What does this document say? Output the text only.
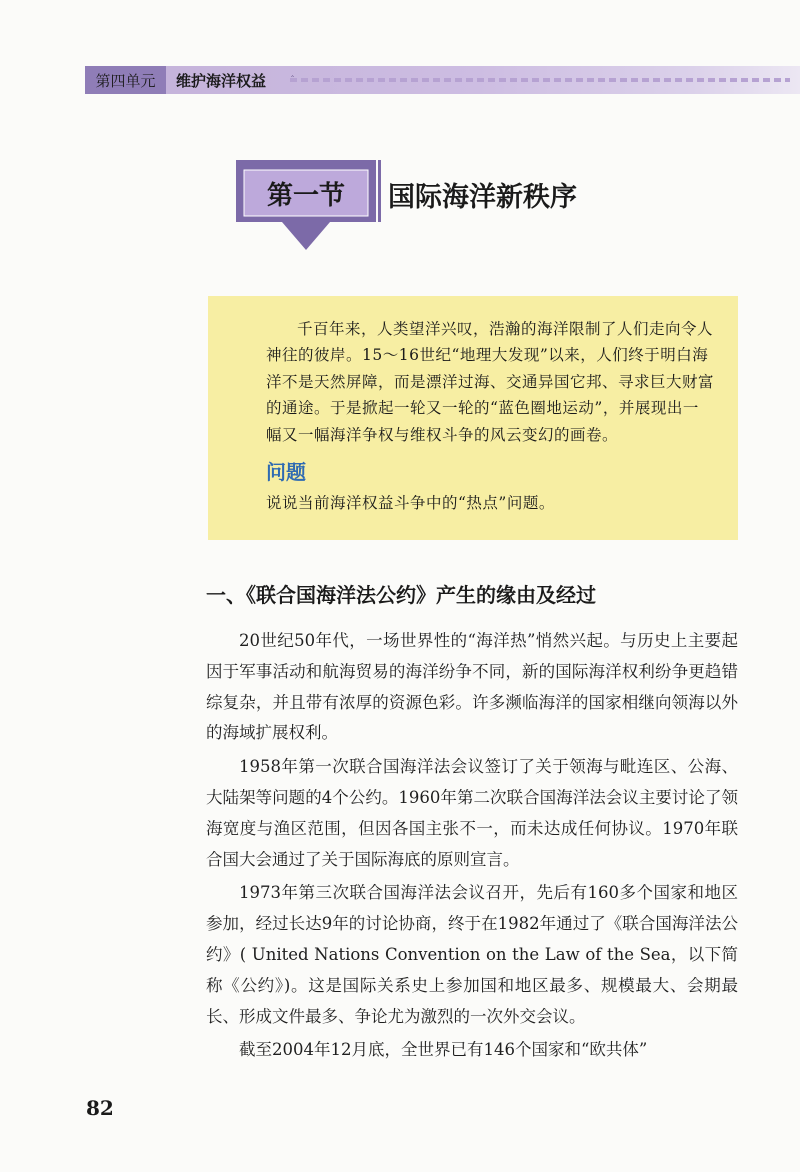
第四单元	维护海洋权益	‸
第一节	国际海洋新秩序

千百年来，人类望洋兴叹，浩瀚的海洋限制了人们走向令人神往的彼岸。15～16世纪“地理大发现”以来，人们终于明白海洋不是天然屏障，而是漂洋过海、交通异国它邦、寻求巨大财富的通途。于是掀起一轮又一轮的“蓝色圈地运动”，并展现出一幅又一幅海洋争权与维权斗争的风云变幻的画卷。

问题

说说当前海洋权益斗争中的“热点”问题。

一、《联合国海洋法公约》产生的缘由及经过

20世纪50年代，一场世界性的“海洋热”悄然兴起。与历史上主要起因于军事活动和航海贸易的海洋纷争不同，新的国际海洋权利纷争更趋错综复杂，并且带有浓厚的资源色彩。许多濒临海洋的国家相继向领海以外的海域扩展权利。

1958年第一次联合国海洋法会议签订了关于领海与毗连区、公海、大陆架等问题的4个公约。1960年第二次联合国海洋法会议主要讨论了领海宽度与渔区范围，但因各国主张不一，而未达成任何协议。1970年联合国大会通过了关于国际海底的原则宣言。

1973年第三次联合国海洋法会议召开，先后有160多个国家和地区参加，经过长达9年的讨论协商，终于在1982年通过了《联合国海洋法公约》( United Nations Convention on the Law of the Sea，以下简称《公约》)。这是国际关系史上参加国和地区最多、规模最大、会期最长、形成文件最多、争论尤为激烈的一次外交会议。

截至2004年12月底，全世界已有146个国家和“欧共体”

82
